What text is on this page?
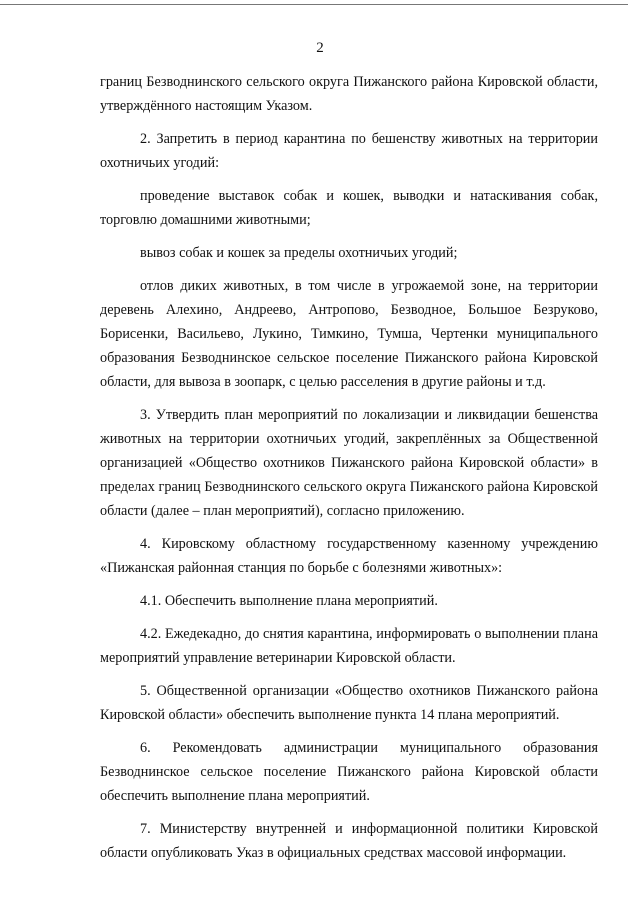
2

границ Безводнинского сельского округа Пижанского района Кировской области, утверждённого настоящим Указом.

2. Запретить в период карантина по бешенству животных на территории охотничьих угодий:

проведение выставок собак и кошек, выводки и натаскивания собак, торговлю домашними животными;

вывоз собак и кошек за пределы охотничьих угодий;

отлов диких животных, в том числе в угрожаемой зоне, на территории деревень Алехино, Андреево, Антропово, Безводное, Большое Безруково, Борисенки, Васильево, Лукино, Тимкино, Тумша, Чертенки муниципального образования Безводнинское сельское поселение Пижанского района Кировской области, для вывоза в зоопарк, с целью расселения в другие районы и т.д.

3. Утвердить план мероприятий по локализации и ликвидации бешенства животных на территории охотничьих угодий, закреплённых за Общественной организацией «Общество охотников Пижанского района Кировской области» в пределах границ Безводнинского сельского округа Пижанского района Кировской области (далее – план мероприятий), согласно приложению.

4. Кировскому областному государственному казенному учреждению «Пижанская районная станция по борьбе с болезнями животных»:

4.1. Обеспечить выполнение плана мероприятий.

4.2. Ежедекадно, до снятия карантина, информировать о выполнении плана мероприятий управление ветеринарии Кировской области.

5. Общественной организации «Общество охотников Пижанского района Кировской области» обеспечить выполнение пункта 14 плана мероприятий.

6. Рекомендовать администрации муниципального образования Безводнинское сельское поселение Пижанского района Кировской области обеспечить выполнение плана мероприятий.

7. Министерству внутренней и информационной политики Кировской области опубликовать Указ в официальных средствах массовой информации.
